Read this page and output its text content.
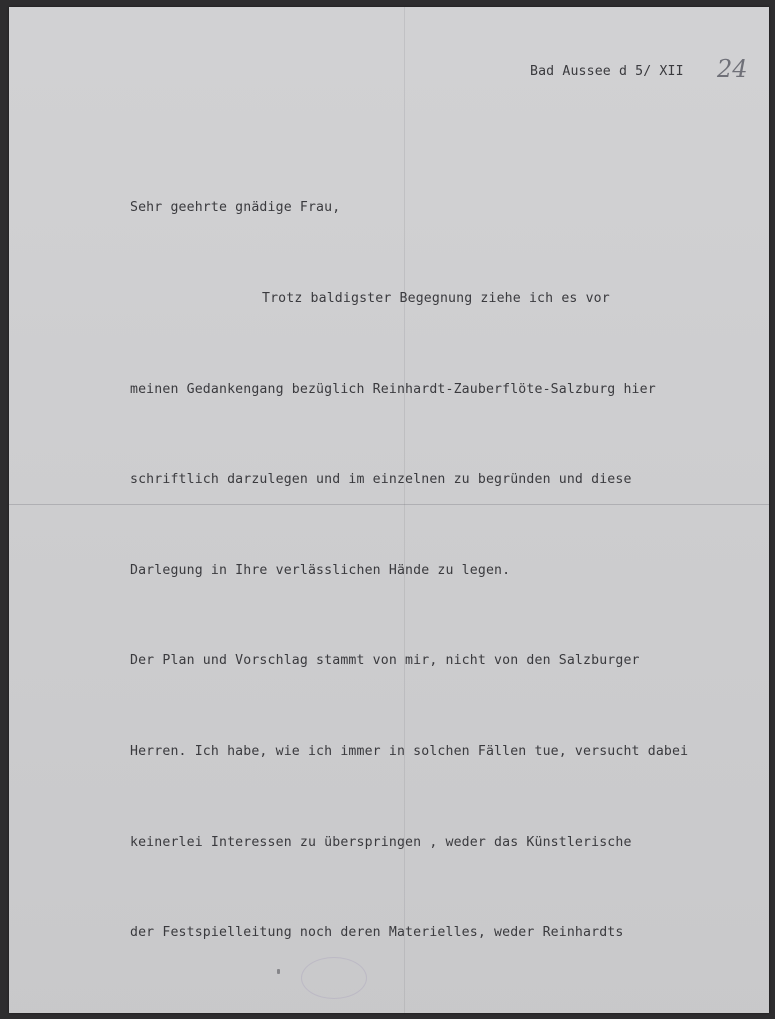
Bad Aussee d 5/ XII 24

Sehr geehrte gnädige Frau,

Trotz baldigster Begegnung ziehe ich es vor

meinen Gedankengang bezüglich Reinhardt-Zauberflöte-Salzburg hier

schriftlich darzulegen und im einzelnen zu begründen und diese

Darlegung in Ihre verlässlichen Hände zu legen.

Der Plan und Vorschlag stammt von mir, nicht von den Salzburger

Herren. Ich habe, wie ich immer in solchen Fällen tue, versucht dabei

keinerlei Interessen zu überspringen , weder das Künstlerische

der Festspielleitung noch deren Materielles, weder Reinhardts
